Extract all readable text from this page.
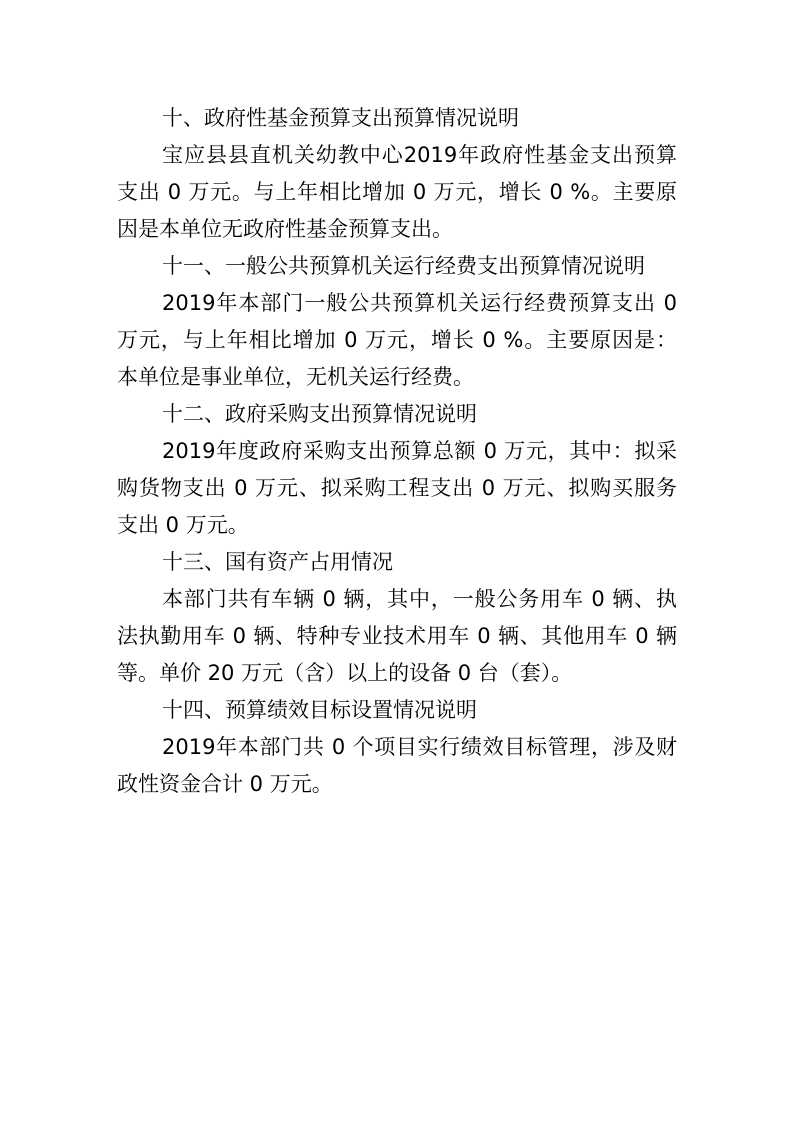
十、政府性基金预算支出预算情况说明
宝应县县直机关幼教中心2019年政府性基金支出预算
支出 0 万元。与上年相比增加 0 万元，增长 0 %。主要原
因是本单位无政府性基金预算支出。
十一、一般公共预算机关运行经费支出预算情况说明
2019年本部门一般公共预算机关运行经费预算支出 0
万元，与上年相比增加 0 万元，增长 0 %。主要原因是：
本单位是事业单位，无机关运行经费。
十二、政府采购支出预算情况说明
2019年度政府采购支出预算总额 0 万元，其中：拟采
购货物支出 0 万元、拟采购工程支出 0 万元、拟购买服务
支出 0 万元。
十三、国有资产占用情况
本部门共有车辆 0 辆，其中，一般公务用车 0 辆、执
法执勤用车 0 辆、特种专业技术用车 0 辆、其他用车 0 辆
等。单价 20 万元（含）以上的设备 0 台（套）。
十四、预算绩效目标设置情况说明
2019年本部门共 0 个项目实行绩效目标管理，涉及财
政性资金合计 0 万元。
